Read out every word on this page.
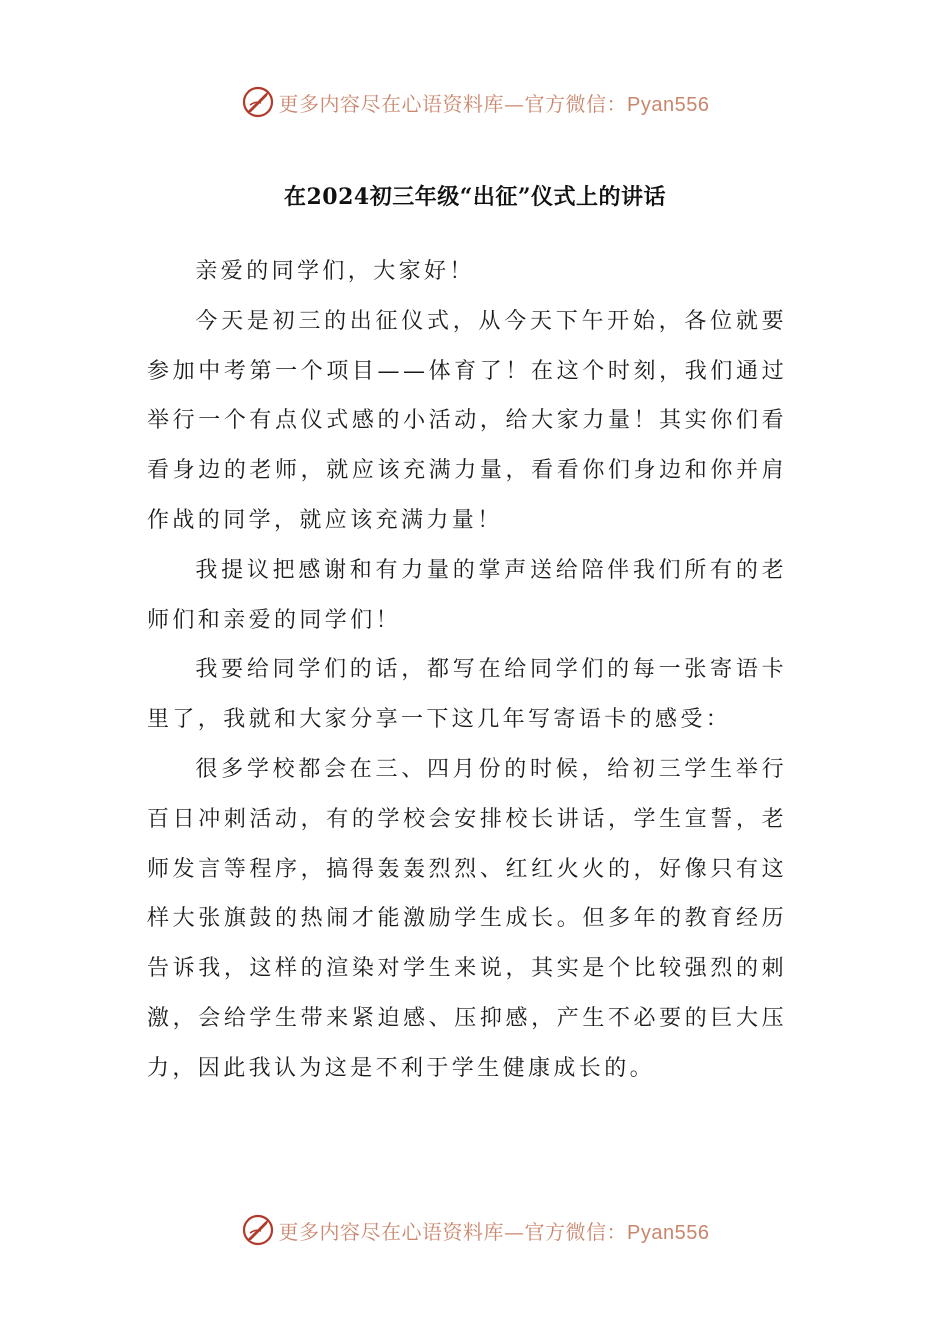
更多内容尽在心语资料库—官方微信：Pyan556
在2024初三年级“出征”仪式上的讲话

亲爱的同学们，大家好！

今天是初三的出征仪式，从今天下午开始，各位就要参加中考第一个项目——体育了！在这个时刻，我们通过举行一个有点仪式感的小活动，给大家力量！其实你们看看身边的老师，就应该充满力量，看看你们身边和你并肩作战的同学，就应该充满力量！

我提议把感谢和有力量的掌声送给陪伴我们所有的老师们和亲爱的同学们！

我要给同学们的话，都写在给同学们的每一张寄语卡里了，我就和大家分享一下这几年写寄语卡的感受：

很多学校都会在三、四月份的时候，给初三学生举行百日冲刺活动，有的学校会安排校长讲话，学生宣誓，老师发言等程序，搞得轰轰烈烈、红红火火的，好像只有这样大张旗鼓的热闹才能激励学生成长。但多年的教育经历告诉我，这样的渲染对学生来说，其实是个比较强烈的刺激，会给学生带来紧迫感、压抑感，产生不必要的巨大压力，因此我认为这是不利于学生健康成长的。

更多内容尽在心语资料库—官方微信：Pyan556
